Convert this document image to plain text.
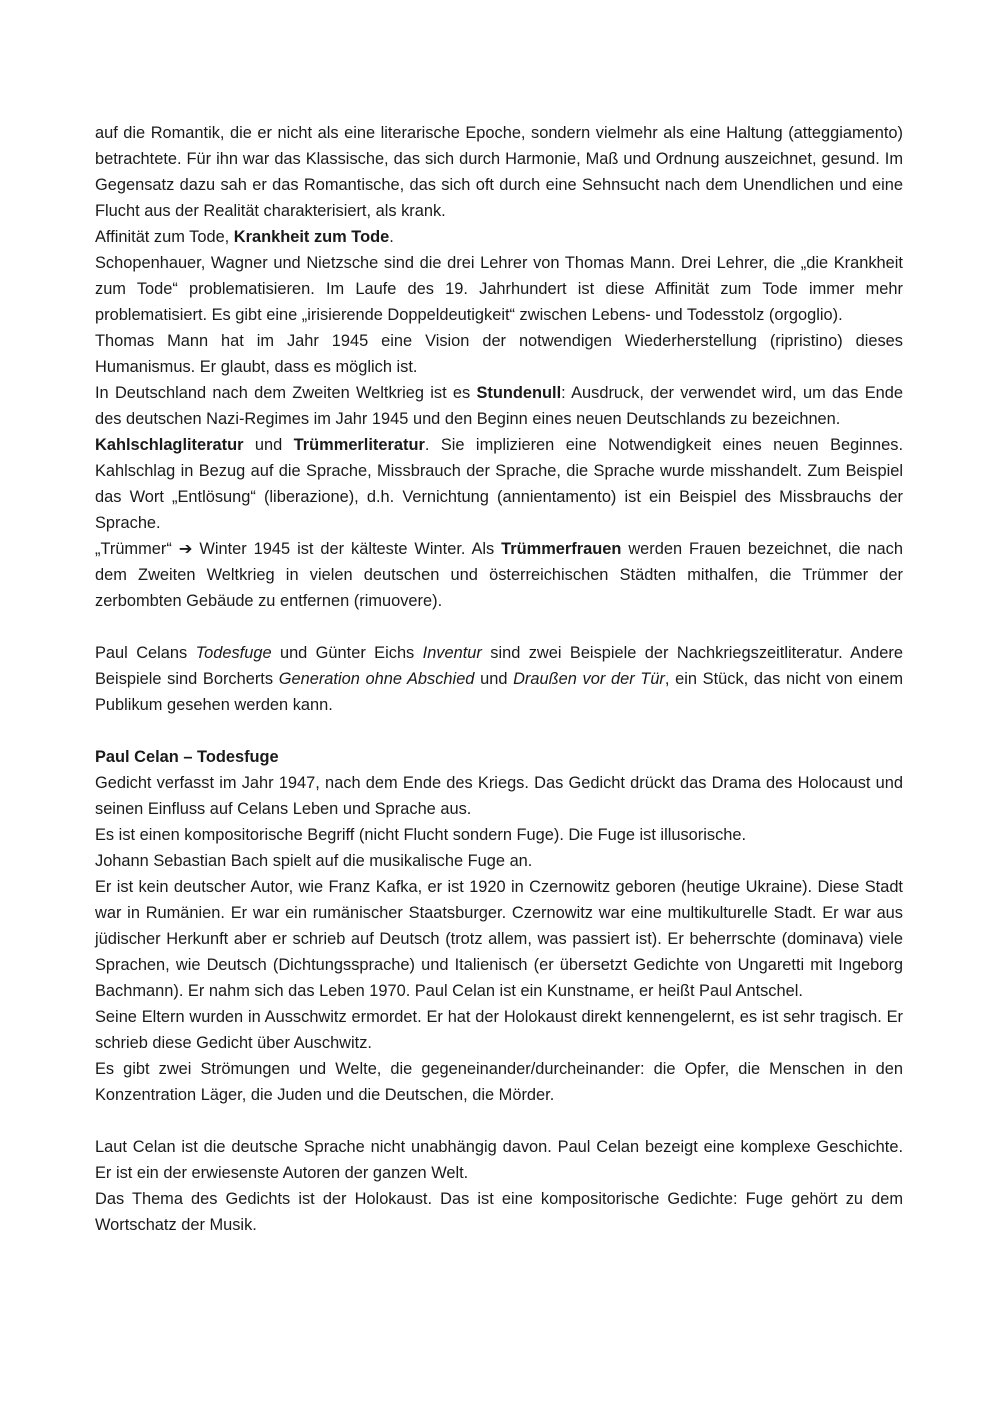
auf die Romantik, die er nicht als eine literarische Epoche, sondern vielmehr als eine Haltung (atteggiamento) betrachtete. Für ihn war das Klassische, das sich durch Harmonie, Maß und Ordnung auszeichnet, gesund. Im Gegensatz dazu sah er das Romantische, das sich oft durch eine Sehnsucht nach dem Unendlichen und eine Flucht aus der Realität charakterisiert, als krank.

Affinität zum Tode, Krankheit zum Tode.

Schopenhauer, Wagner und Nietzsche sind die drei Lehrer von Thomas Mann. Drei Lehrer, die „die Krankheit zum Tode“ problematisieren. Im Laufe des 19. Jahrhundert ist diese Affinität zum Tode immer mehr problematisiert. Es gibt eine „irisierende Doppeldeutigkeit“ zwischen Lebens- und Todesstolz (orgoglio).

Thomas Mann hat im Jahr 1945 eine Vision der notwendigen Wiederherstellung (ripristino) dieses Humanismus. Er glaubt, dass es möglich ist.

In Deutschland nach dem Zweiten Weltkrieg ist es Stundenull: Ausdruck, der verwendet wird, um das Ende des deutschen Nazi-Regimes im Jahr 1945 und den Beginn eines neuen Deutschlands zu bezeichnen.

Kahlschlagliteratur und Trümmerliteratur. Sie implizieren eine Notwendigkeit eines neuen Beginnes. Kahlschlag in Bezug auf die Sprache, Missbrauch der Sprache, die Sprache wurde misshandelt. Zum Beispiel das Wort „Entlösung“ (liberazione), d.h. Vernichtung (annientamento) ist ein Beispiel des Missbrauchs der Sprache.

„Trümmer“ ➔ Winter 1945 ist der kälteste Winter. Als Trümmerfrauen werden Frauen bezeichnet, die nach dem Zweiten Weltkrieg in vielen deutschen und österreichischen Städten mithalfen, die Trümmer der zerbombten Gebäude zu entfernen (rimuovere).

Paul Celans Todesfuge und Günter Eichs Inventur sind zwei Beispiele der Nachkriegszeitliteratur. Andere Beispiele sind Borcherts Generation ohne Abschied und Draußen vor der Tür, ein Stück, das nicht von einem Publikum gesehen werden kann.

Paul Celan – Todesfuge

Gedicht verfasst im Jahr 1947, nach dem Ende des Kriegs. Das Gedicht drückt das Drama des Holocaust und seinen Einfluss auf Celans Leben und Sprache aus.

Es ist einen kompositorische Begriff (nicht Flucht sondern Fuge). Die Fuge ist illusorische.

Johann Sebastian Bach spielt auf die musikalische Fuge an.

Er ist kein deutscher Autor, wie Franz Kafka, er ist 1920 in Czernowitz geboren (heutige Ukraine). Diese Stadt war in Rumänien. Er war ein rumänischer Staatsburger. Czernowitz war eine multikulturelle Stadt. Er war aus jüdischer Herkunft aber er schrieb auf Deutsch (trotz allem, was passiert ist). Er beherrschte (dominava) viele Sprachen, wie Deutsch (Dichtungssprache) und Italienisch (er übersetzt Gedichte von Ungaretti mit Ingeborg Bachmann). Er nahm sich das Leben 1970. Paul Celan ist ein Kunstname, er heißt Paul Antschel.

Seine Eltern wurden in Ausschwitz ermordet. Er hat der Holokaust direkt kennengelernt, es ist sehr tragisch. Er schrieb diese Gedicht über Auschwitz.

Es gibt zwei Strömungen und Welte, die gegeneinander/durcheinander: die Opfer, die Menschen in den Konzentration Läger, die Juden und die Deutschen, die Mörder.

Laut Celan ist die deutsche Sprache nicht unabhängig davon. Paul Celan bezeigt eine komplexe Geschichte. Er ist ein der erwiesenste Autoren der ganzen Welt.

Das Thema des Gedichts ist der Holokaust. Das ist eine kompositorische Gedichte: Fuge gehört zu dem Wortschatz der Musik.
